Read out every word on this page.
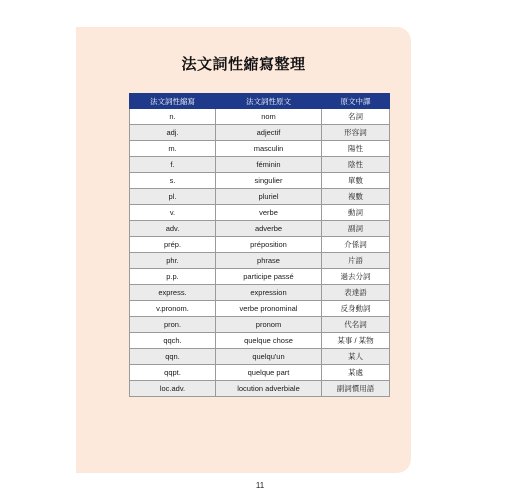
法文詞性縮寫整理
法文詞性縮寫	法文詞性原文	原文中譯
n.	nom	名詞
adj.	adjectif	形容詞
m.	masculin	陽性
f.	féminin	陰性
s.	singulier	單數
pl.	pluriel	複數
v.	verbe	動詞
adv.	adverbe	副詞
prép.	préposition	介係詞
phr.	phrase	片語
p.p.	participe passé	過去分詞
express.	expression	表達語
v.pronom.	verbe pronominal	反身動詞
pron.	pronom	代名詞
qqch.	quelque chose	某事 / 某物
qqn.	quelqu'un	某人
qqpt.	quelque part	某處
loc.adv.	locution adverbiale	副詞慣用語
11
